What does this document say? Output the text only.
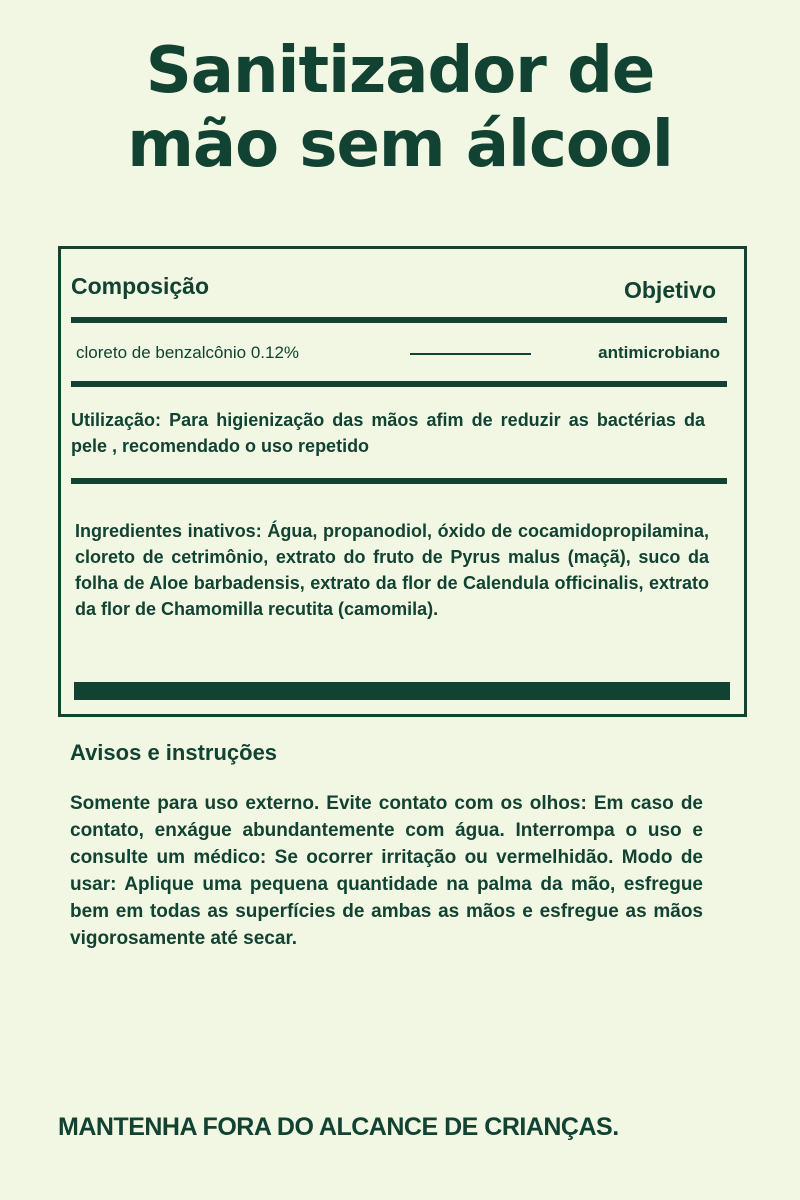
Sanitizador de
mão sem álcool
Composição	Objetivo
cloreto de benzalcônio 0.12%	antimicrobiano
Utilização: Para higienização das mãos afim de reduzir as bactérias da pele , recomendado o uso repetido
Ingredientes inativos: Água, propanodiol, óxido de cocamidopropilamina, cloreto de cetrimônio, extrato do fruto de Pyrus malus (maçã), suco da folha de Aloe barbadensis, extrato da flor de Calendula officinalis, extrato da flor de Chamomilla recutita (camomila).
Avisos e instruções
Somente para uso externo. Evite contato com os olhos: Em caso de contato, enxágue abundantemente com água. Interrompa o uso e consulte um médico: Se ocorrer irritação ou vermelhidão. Modo de usar: Aplique uma pequena quantidade na palma da mão, esfregue bem em todas as superfícies de ambas as mãos e esfregue as mãos vigorosamente até secar.
MANTENHA FORA DO ALCANCE DE CRIANÇAS.
